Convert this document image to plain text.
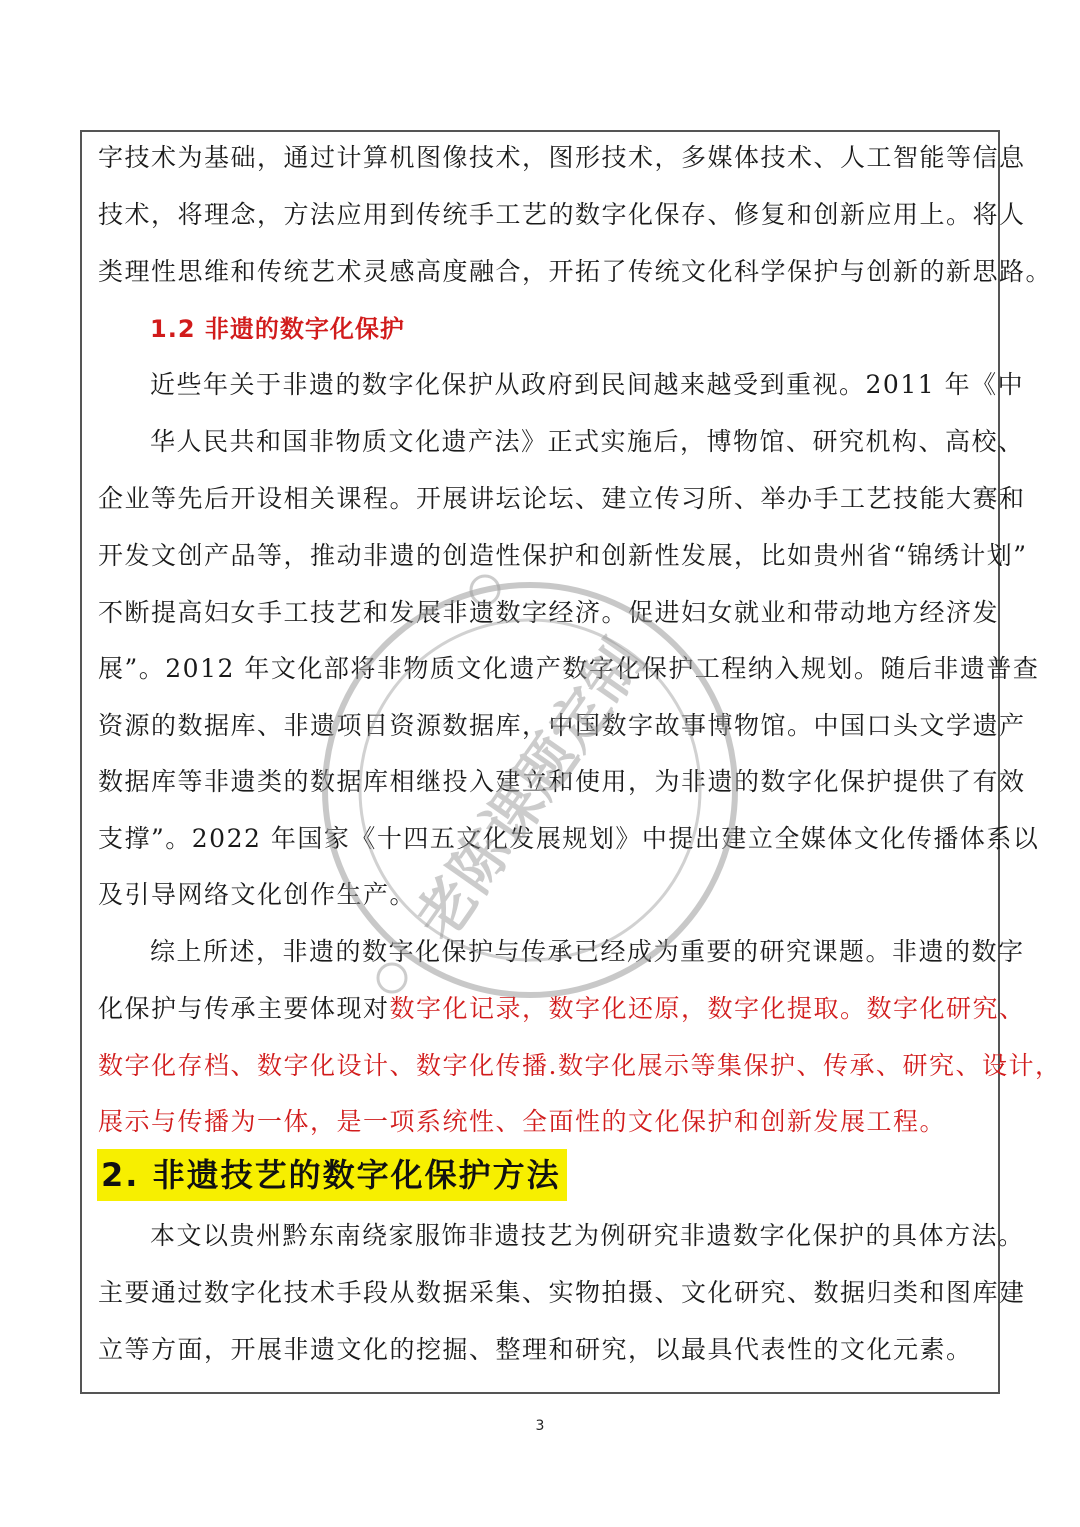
字技术为基础，通过计算机图像技术，图形技术，多媒体技术、人工智能等信息
技术，将理念，方法应用到传统手工艺的数字化保存、修复和创新应用上。将人
类理性思维和传统艺术灵感高度融合，开拓了传统文化科学保护与创新的新思路。
1.2 非遗的数字化保护
近些年关于非遗的数字化保护从政府到民间越来越受到重视。2011 年《中
华人民共和国非物质文化遗产法》正式实施后，博物馆、研究机构、高校、
企业等先后开设相关课程。开展讲坛论坛、建立传习所、举办手工艺技能大赛和
开发文创产品等，推动非遗的创造性保护和创新性发展，比如贵州省“锦绣计划”
不断提高妇女手工技艺和发展非遗数字经济。促进妇女就业和带动地方经济发
展”。2012 年文化部将非物质文化遗产数字化保护工程纳入规划。随后非遗普查
资源的数据库、非遗项目资源数据库，中国数字故事博物馆。中国口头文学遗产
数据库等非遗类的数据库相继投入建立和使用，为非遗的数字化保护提供了有效
支撑”。2022 年国家《十四五文化发展规划》中提出建立全媒体文化传播体系以
及引导网络文化创作生产。
综上所述，非遗的数字化保护与传承已经成为重要的研究课题。非遗的数字
化保护与传承主要体现对数字化记录，数字化还原，数字化提取。数字化研究、
数字化存档、数字化设计、数字化传播.数字化展示等集保护、传承、研究、设计，
展示与传播为一体，是一项系统性、全面性的文化保护和创新发展工程。
2. 非遗技艺的数字化保护方法
本文以贵州黔东南绕家服饰非遗技艺为例研究非遗数字化保护的具体方法。
主要通过数字化技术手段从数据采集、实物拍摄、文化研究、数据归类和图库建
立等方面，开展非遗文化的挖掘、整理和研究，以最具代表性的文化元素。
老陈课题定制
3
